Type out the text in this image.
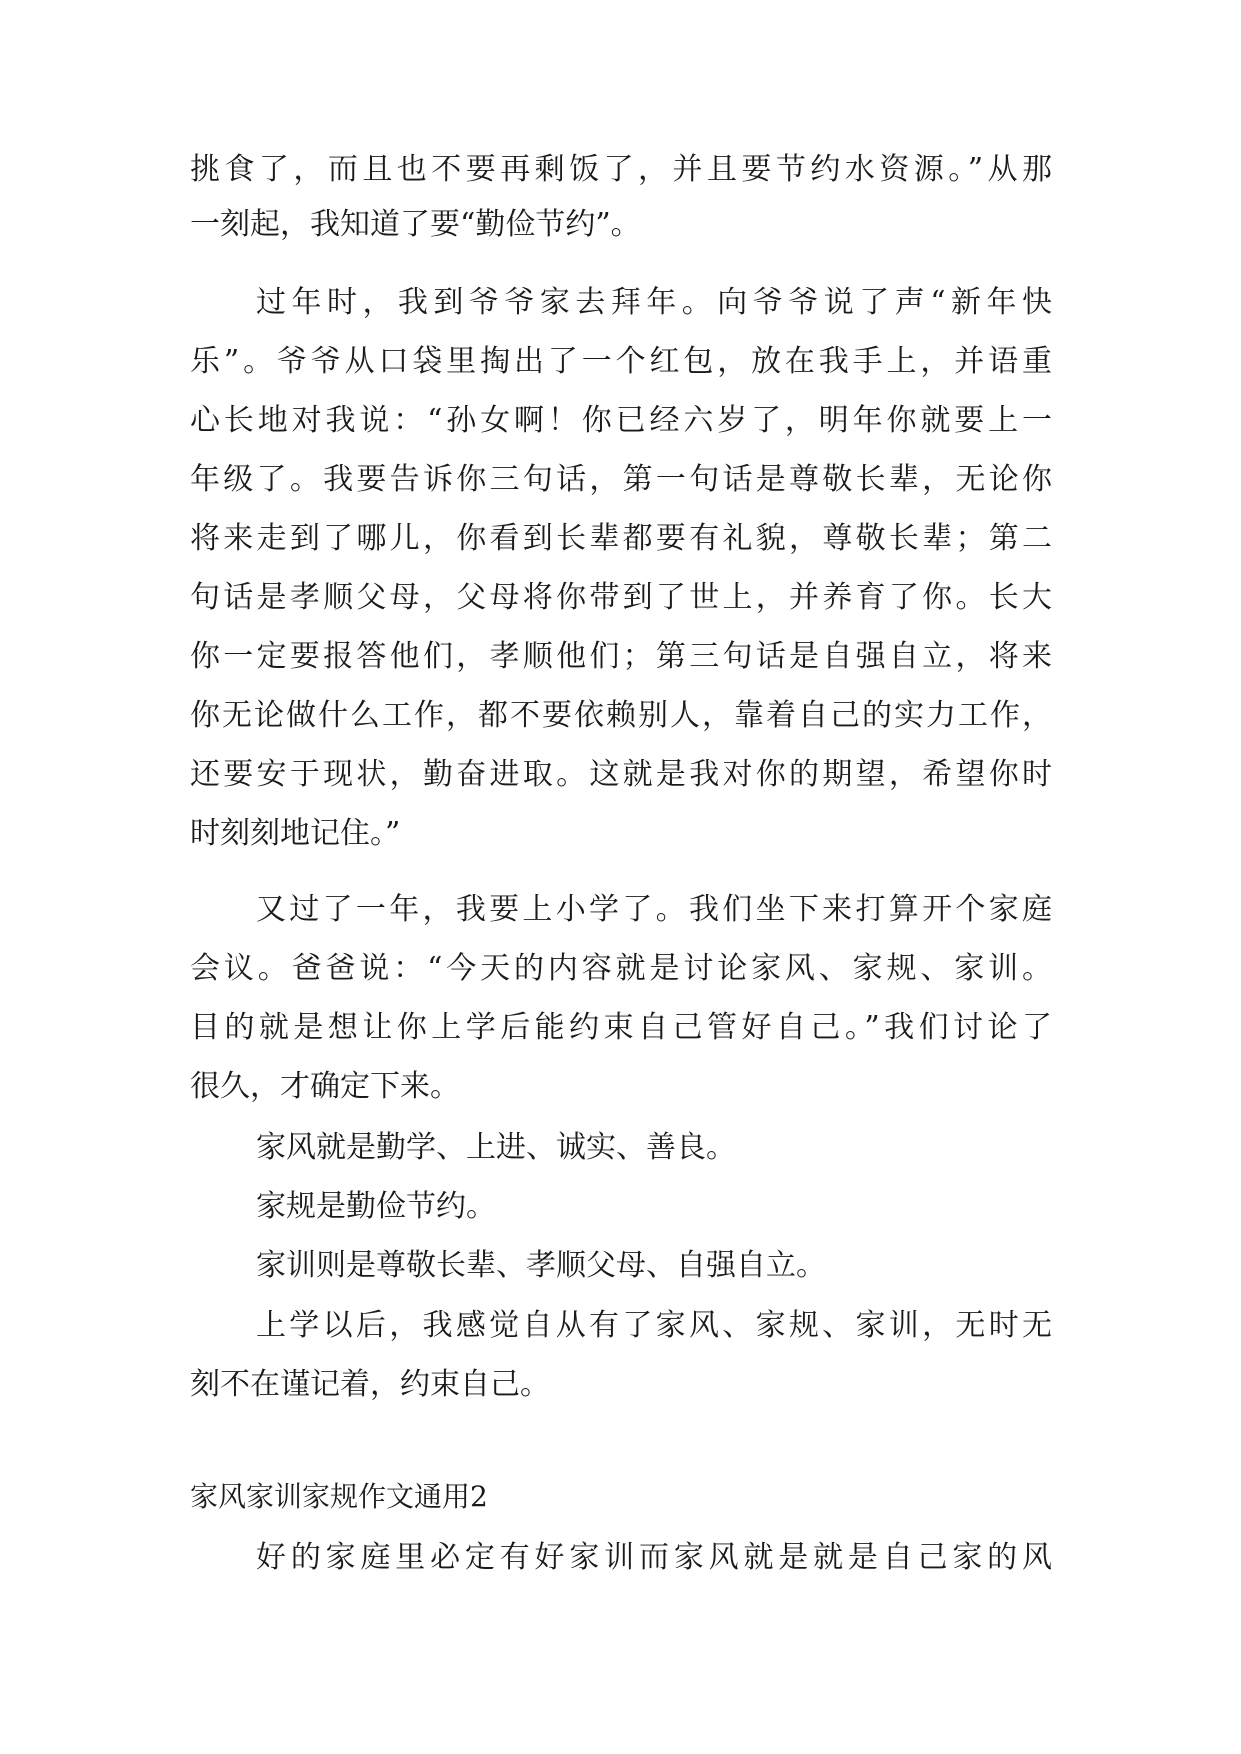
挑食了，而且也不要再剩饭了，并且要节约水资源。”从那
一刻起，我知道了要“勤俭节约”。
过年时，我到爷爷家去拜年。向爷爷说了声“新年快
乐”。爷爷从口袋里掏出了一个红包，放在我手上，并语重
心长地对我说：“孙女啊！你已经六岁了，明年你就要上一
年级了。我要告诉你三句话，第一句话是尊敬长辈，无论你
将来走到了哪儿，你看到长辈都要有礼貌，尊敬长辈；第二
句话是孝顺父母，父母将你带到了世上，并养育了你。长大
你一定要报答他们，孝顺他们；第三句话是自强自立，将来
你无论做什么工作，都不要依赖别人，靠着自己的实力工作，
还要安于现状，勤奋进取。这就是我对你的期望，希望你时
时刻刻地记住。”
又过了一年，我要上小学了。我们坐下来打算开个家庭
会议。爸爸说：“今天的内容就是讨论家风、家规、家训。
目的就是想让你上学后能约束自己管好自己。”我们讨论了
很久，才确定下来。
家风就是勤学、上进、诚实、善良。
家规是勤俭节约。
家训则是尊敬长辈、孝顺父母、自强自立。
上学以后，我感觉自从有了家风、家规、家训，无时无
刻不在谨记着，约束自己。
家风家训家规作文通用2
好的家庭里必定有好家训而家风就是就是自己家的风
